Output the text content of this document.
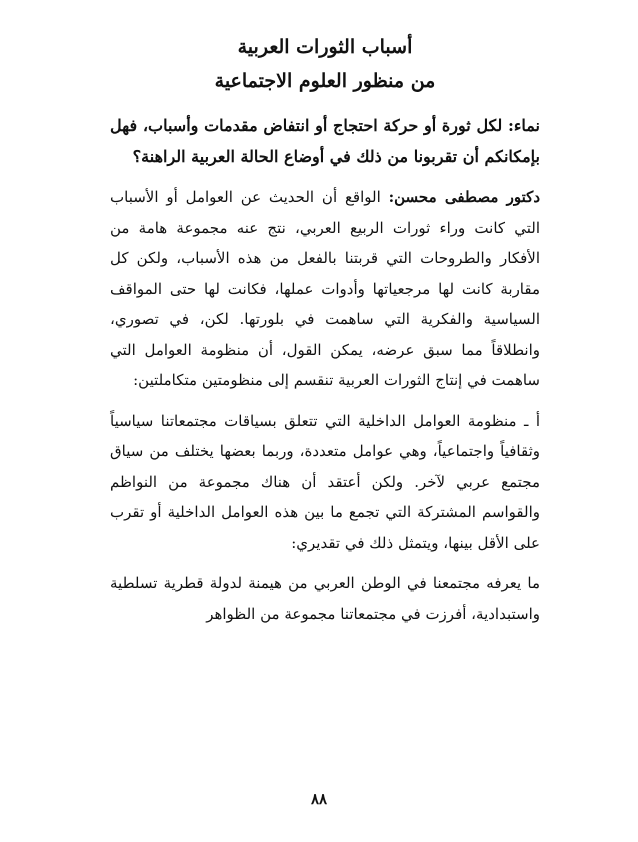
أسباب الثورات العربية

من منظور العلوم الاجتماعية

نماء: لكل ثورة أو حركة احتجاج أو انتفاض مقدمات وأسباب، فهل بإمكانكم أن تقربونا من ذلك في أوضاع الحالة العربية الراهنة؟

دكتور مصطفى محسن: الواقع أن الحديث عن العوامل أو الأسباب التي كانت وراء ثورات الربيع العربي، نتج عنه مجموعة هامة من الأفكار والطروحات التي قربتنا بالفعل من هذه الأسباب، ولكن كل مقاربة كانت لها مرجعياتها وأدوات عملها، فكانت لها حتى المواقف السياسية والفكرية التي ساهمت في بلورتها. لكن، في تصوري، وانطلاقاً مما سبق عرضه، يمكن القول، أن منظومة العوامل التي ساهمت في إنتاج الثورات العربية تنقسم إلى منظومتين متكاملتين:

أ ـ منظومة العوامل الداخلية التي تتعلق بسياقات مجتمعاتنا سياسياً وثقافياً واجتماعياً، وهي عوامل متعددة، وربما بعضها يختلف من سياق مجتمع عربي لآخر. ولكن أعتقد أن هناك مجموعة من النواظم والقواسم المشتركة التي تجمع ما بين هذه العوامل الداخلية أو تقرب على الأقل بينها، ويتمثل ذلك في تقديري:

ما يعرفه مجتمعنا في الوطن العربي من هيمنة لدولة قطرية تسلطية واستبدادية، أفرزت في مجتمعاتنا مجموعة من الظواهر

٨٨
